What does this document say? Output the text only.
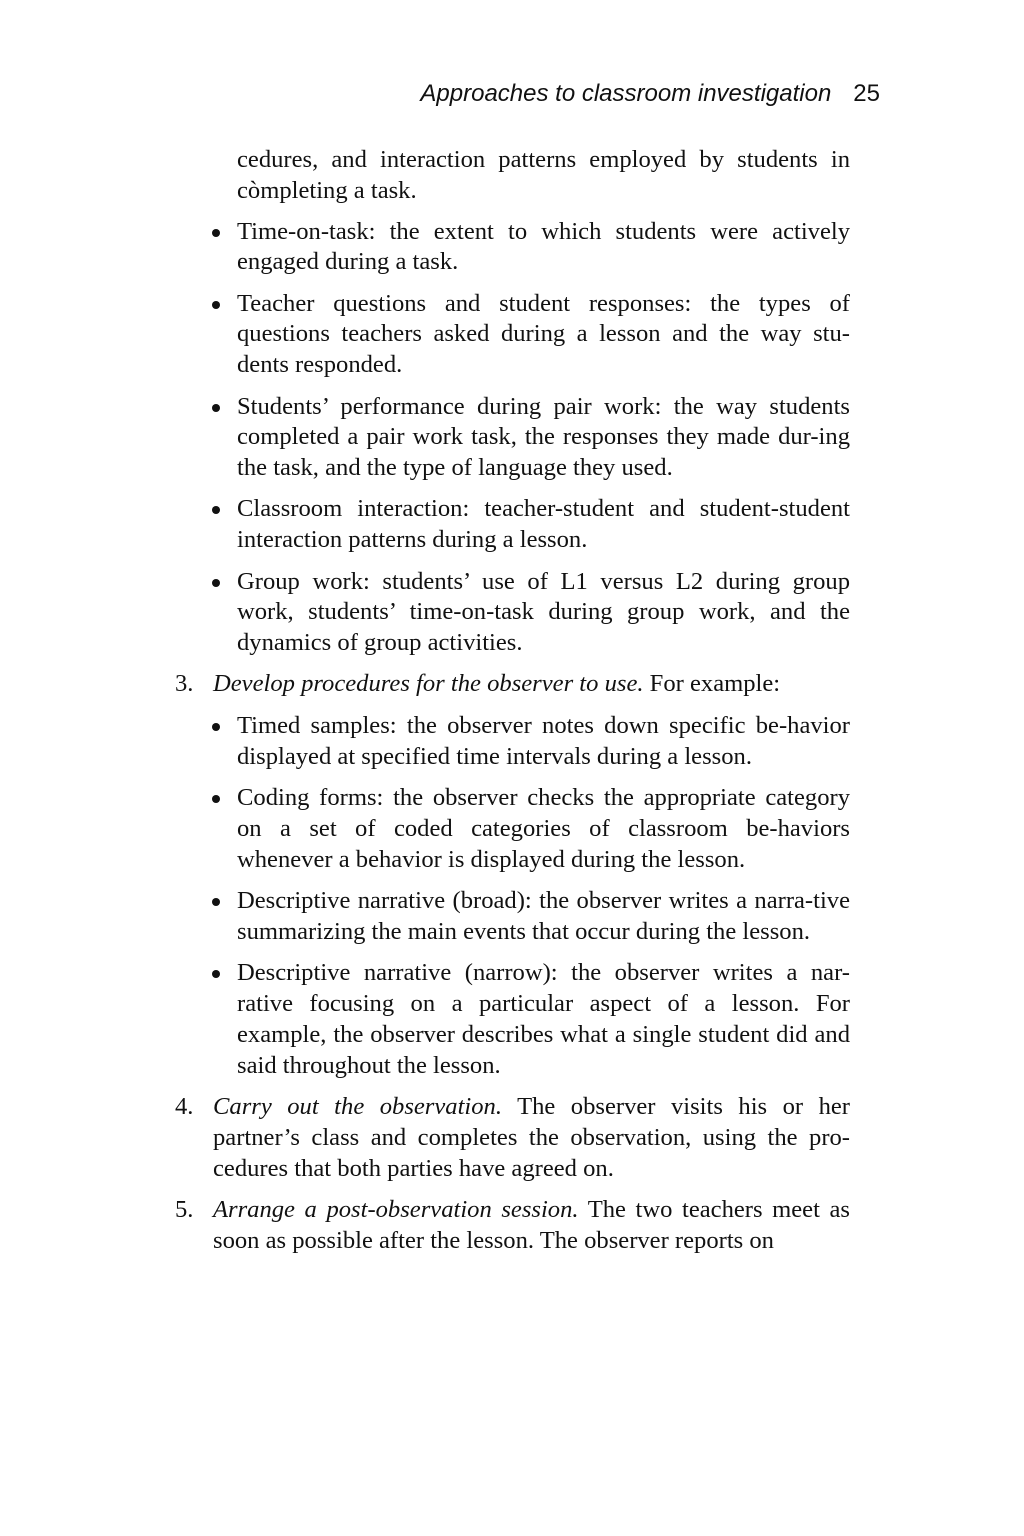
Approaches to classroom investigation 25

cedures, and interaction patterns employed by students in còmpleting a task.

Time-on-task: the extent to which students were actively engaged during a task.
Teacher questions and student responses: the types of questions teachers asked during a lesson and the way stu-dents responded.
Students’ performance during pair work: the way students completed a pair work task, the responses they made dur-ing the task, and the type of language they used.
Classroom interaction: teacher-student and student-student interaction patterns during a lesson.
Group work: students’ use of L1 versus L2 during group work, students’ time-on-task during group work, and the dynamics of group activities.
3. Develop procedures for the observer to use. For example:
Timed samples: the observer notes down specific be-havior displayed at specified time intervals during a lesson.
Coding forms: the observer checks the appropriate category on a set of coded categories of classroom be-haviors whenever a behavior is displayed during the lesson.
Descriptive narrative (broad): the observer writes a narra-tive summarizing the main events that occur during the lesson.
Descriptive narrative (narrow): the observer writes a nar-rative focusing on a particular aspect of a lesson. For example, the observer describes what a single student did and said throughout the lesson.
4. Carry out the observation. The observer visits his or her partner’s class and completes the observation, using the pro-cedures that both parties have agreed on.
5. Arrange a post-observation session. The two teachers meet as soon as possible after the lesson. The observer reports on
